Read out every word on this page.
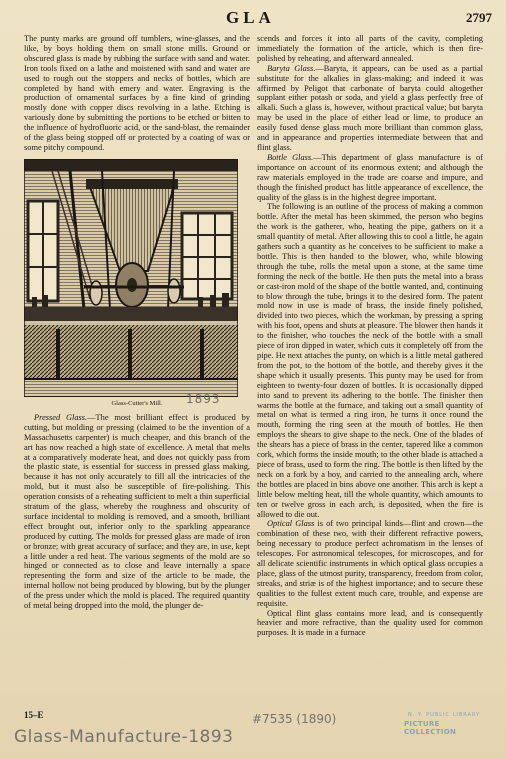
GLA	2797

The punty marks are ground off tumblers, wine-glasses, and the like, by boys holding them on small stone mills. Ground or obscured glass is made by rubbing the surface with sand and water. Iron tools fixed on a lathe and moistened with sand and water are used to rough out the stoppers and necks of bottles, which are completed by hand with emery and water. Engraving is the production of ornamental surfaces by a fine kind of grinding mostly done with copper discs revolving in a lathe. Etching is variously done by submitting the portions to be etched or bitten to the influence of hydrofluoric acid, or the sand-blast, the remainder of the glass being stopped off or protected by a coating of wax or some pitchy compound.

Glass-Cutter's Mill. 1893

Pressed Glass.—The most brilliant effect is produced by cutting, but molding or pressing (claimed to be the invention of a Massachusetts carpenter) is much cheaper, and this branch of the art has now reached a high state of excellence. A metal that melts at a comparatively moderate heat, and does not quickly pass from the plastic state, is essential for success in pressed glass making, because it has not only accurately to fill all the intricacies of the mold, but it must also be susceptible of fire-polishing. This operation consists of a reheating sufficient to melt a thin superficial stratum of the glass, whereby the roughness and obscurity of surface incidental to molding is removed, and a smooth, brilliant effect brought out, inferior only to the sparkling appearance produced by cutting. The molds for pressed glass are made of iron or bronze; with great accuracy of surface; and they are, in use, kept a little under a red heat. The various segments of the mold are so hinged or connected as to close and leave internally a space representing the form and size of the article to be made, the internal hollow not being produced by blowing, but by the plunger of the press under which the mold is placed. The required quantity of metal being dropped into the mold, the plunger de-

scends and forces it into all parts of the cavity, completing immediately the formation of the article, which is then fire-polished by reheating, and afterward annealed.

Baryta Glass.—Baryta, it appears, can be used as a partial substitute for the alkalies in glass-making; and indeed it was affirmed by Peligot that carbonate of baryta could altogether supplant either potash or soda, and yield a glass perfectly free of alkali. Such a glass is, however, without practical value; but baryta may be used in the place of either lead or lime, to produce an easily fused dense glass much more brilliant than common glass, and in appearance and properties intermediate between that and flint glass.

Bottle Glass.—This department of glass manufacture is of importance on account of its enormous extent; and although the raw materials employed in the trade are coarse and impure, and though the finished product has little appearance of excellence, the quality of the glass is in the highest degree important.

The following is an outline of the process of making a common bottle. After the metal has been skimmed, the person who begins the work is the gatherer, who, heating the pipe, gathers on it a small quantity of metal. After allowing this to cool a little, he again gathers such a quantity as he conceives to be sufficient to make a bottle. This is then handed to the blower, who, while blowing through the tube, rolls the metal upon a stone, at the same time forming the neck of the bottle. He then puts the metal into a brass or cast-iron mold of the shape of the bottle wanted, and, continuing to blow through the tube, brings it to the desired form. The patent mold now in use is made of brass, the inside finely polished, divided into two pieces, which the workman, by pressing a spring with his foot, opens and shuts at pleasure. The blower then hands it to the finisher, who touches the neck of the bottle with a small piece of iron dipped in water, which cuts it completely off from the pipe. He next attaches the punty, on which is a little metal gathered from the pot, to the bottom of the bottle, and thereby gives it the shape which it usually presents. This punty may be used for from eighteen to twenty-four dozen of bottles. It is occasionally dipped into sand to prevent its adhering to the bottle. The finisher then warms the bottle at the furnace, and taking out a small quantity of metal on what is termed a ring iron, he turns it once round the mouth, forming the ring seen at the mouth of bottles. He then employs the shears to give shape to the neck. One of the blades of the shears has a piece of brass in the center, tapered like a common cork, which forms the inside mouth; to the other blade is attached a piece of brass, used to form the ring. The bottle is then lifted by the neck on a fork by a boy, and carried to the annealing arch, where the bottles are placed in bins above one another. This arch is kept a little below melting heat, till the whole quantity, which amounts to ten or twelve gross in each arch, is deposited, when the fire is allowed to die out.

Optical Glass is of two principal kinds—flint and crown—the combination of these two, with their different refractive powers, being necessary to produce perfect achromatism in the lenses of telescopes. For astronomical telescopes, for microscopes, and for all delicate scientific instruments in which optical glass occupies a place, glass of the utmost purity, transparency, freedom from color, streaks, and striæ is of the highest importance; and to secure these qualities to the fullest extent much care, trouble, and expense are requisite.

Optical flint glass contains more lead, and is consequently heavier and more refractive, than the quality used for common purposes. It is made in a furnace

15–E	#7535 (1890)	N. Y. PUBLIC LIBRARY
PICTURE COLLECTION
Glass-Manufacture-1893
